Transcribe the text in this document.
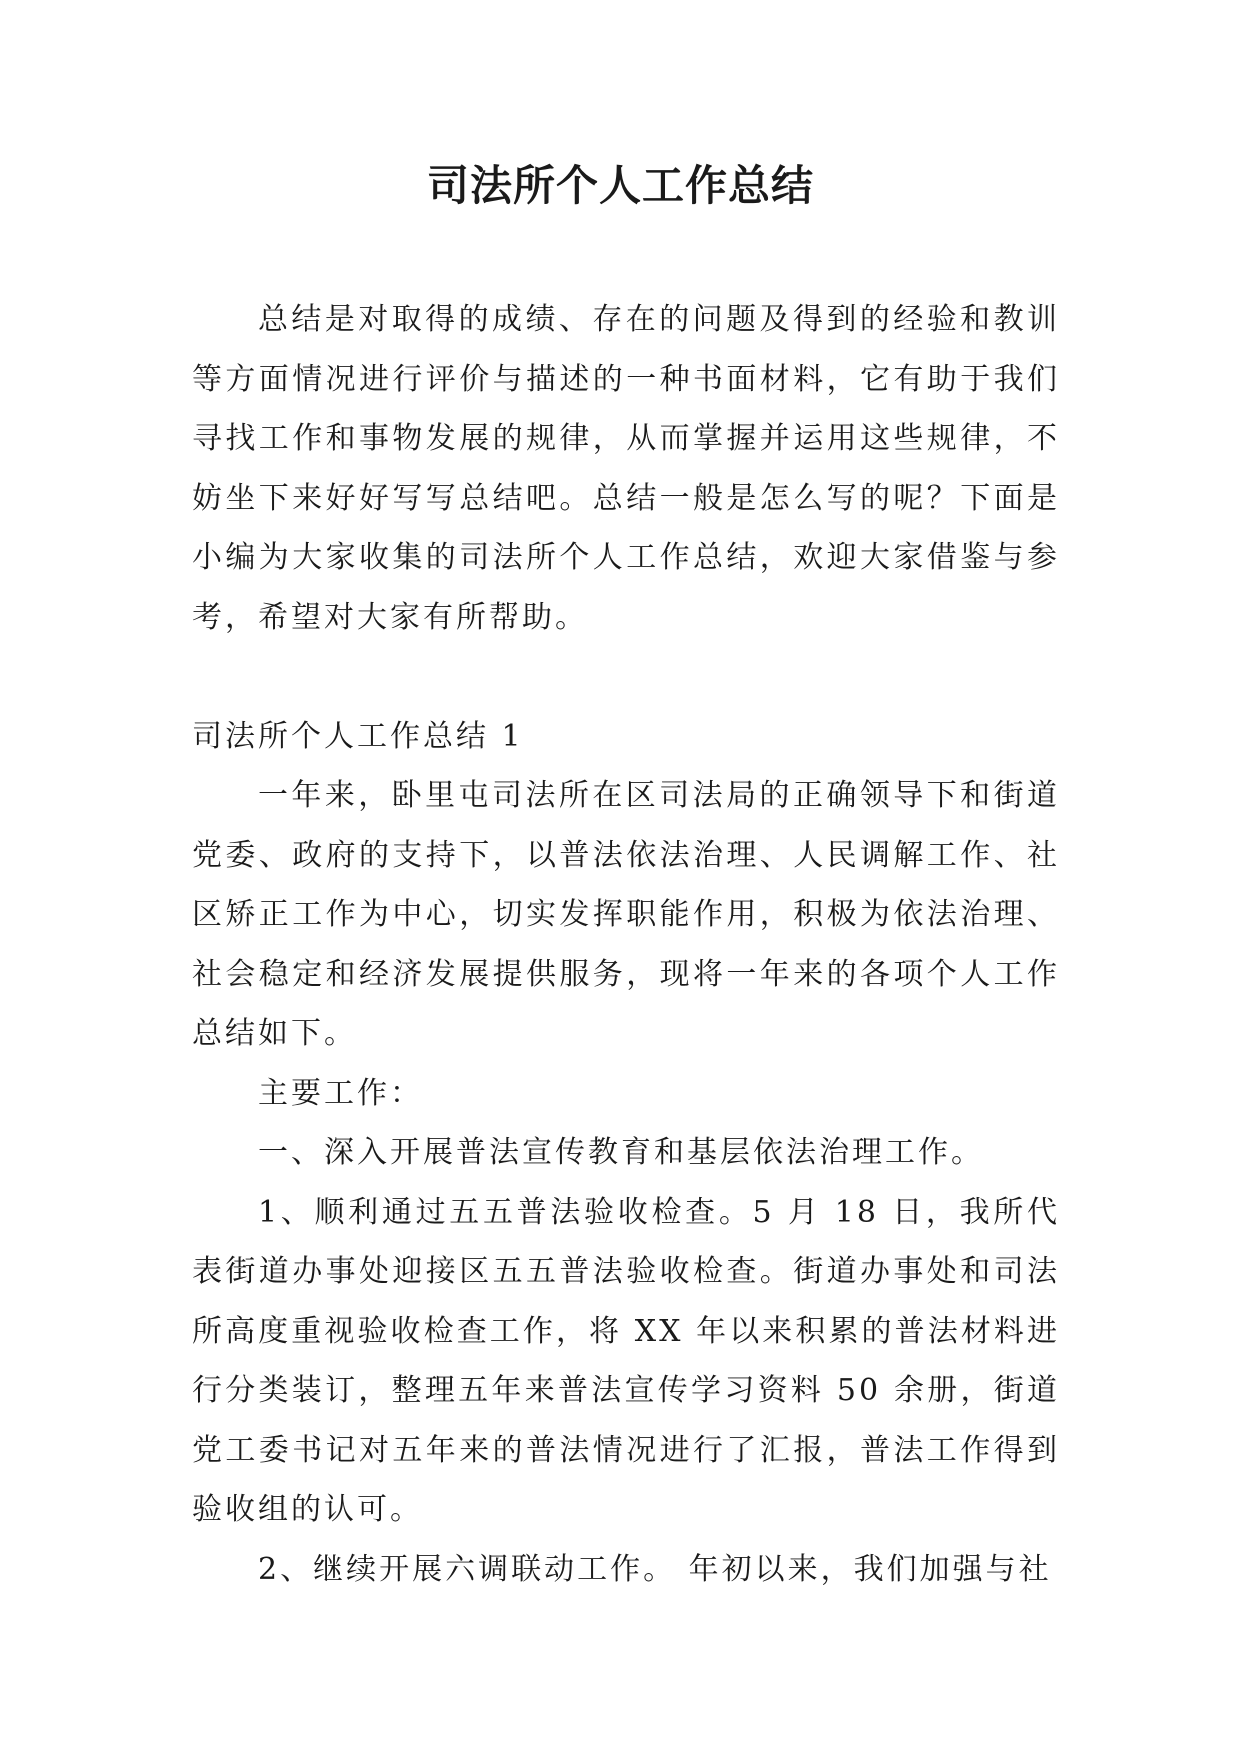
司法所个人工作总结

总结是对取得的成绩、存在的问题及得到的经验和教训等方面情况进行评价与描述的一种书面材料，它有助于我们寻找工作和事物发展的规律，从而掌握并运用这些规律，不妨坐下来好好写写总结吧。总结一般是怎么写的呢？下面是小编为大家收集的司法所个人工作总结，欢迎大家借鉴与参考，希望对大家有所帮助。

司法所个人工作总结 1

一年来，卧里屯司法所在区司法局的正确领导下和街道党委、政府的支持下，以普法依法治理、人民调解工作、社区矫正工作为中心，切实发挥职能作用，积极为依法治理、社会稳定和经济发展提供服务，现将一年来的各项个人工作总结如下。

主要工作：

一、深入开展普法宣传教育和基层依法治理工作。

1、顺利通过五五普法验收检查。5 月 18 日，我所代表街道办事处迎接区五五普法验收检查。街道办事处和司法所高度重视验收检查工作，将 XX 年以来积累的普法材料进行分类装订，整理五年来普法宣传学习资料 50 余册，街道党工委书记对五年来的普法情况进行了汇报，普法工作得到验收组的认可。

2、继续开展六调联动工作。 年初以来，我们加强与社
